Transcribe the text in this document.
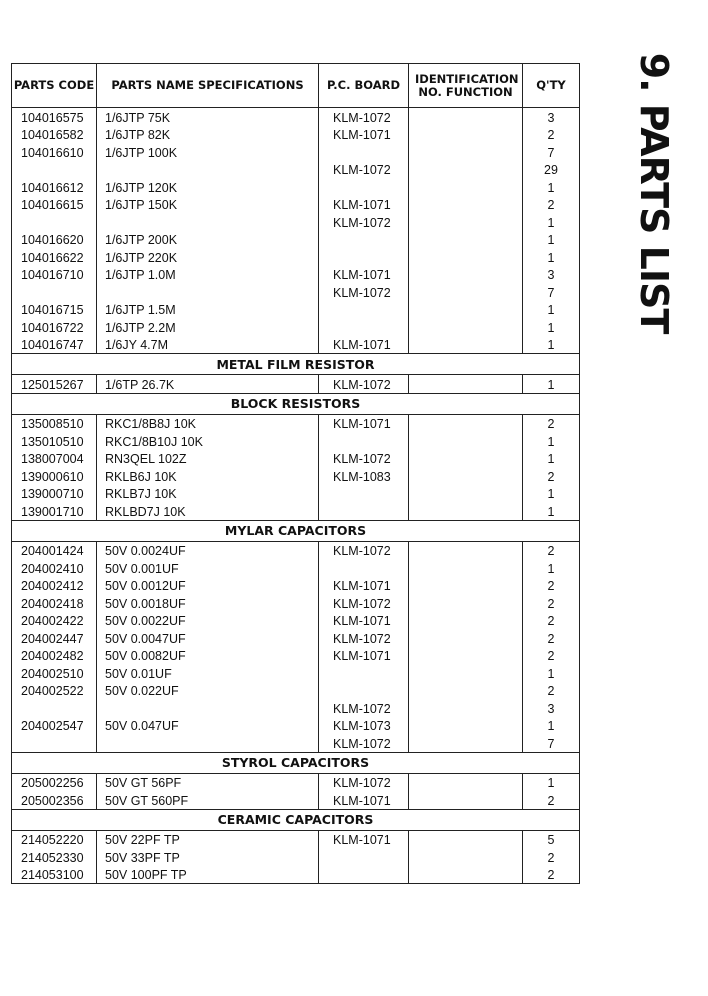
9. PARTS LIST
PARTS CODE	PARTS NAME SPECIFICATIONS	P.C. BOARD	IDENTIFICATION NO. FUNCTION	Q'TY
104016575	1/6JTP 75K	KLM-1072		3
104016582	1/6JTP 82K	KLM-1071		2
104016610	1/6JTP 100K			7
		KLM-1072		29
104016612	1/6JTP 120K			1
104016615	1/6JTP 150K	KLM-1071		2
		KLM-1072		1
104016620	1/6JTP 200K			1
104016622	1/6JTP 220K			1
104016710	1/6JTP 1.0M	KLM-1071		3
		KLM-1072		7
104016715	1/6JTP 1.5M			1
104016722	1/6JTP 2.2M			1
104016747	1/6JY 4.7M	KLM-1071		1
METAL FILM RESISTOR				
125015267	1/6TP 26.7K	KLM-1072		1
BLOCK RESISTORS				
135008510	RKC1/8B8J 10K	KLM-1071		2
135010510	RKC1/8B10J 10K			1
138007004	RN3QEL 102Z	KLM-1072		1
139000610	RKLB6J 10K	KLM-1083		2
139000710	RKLB7J 10K			1
139001710	RKLBD7J 10K			1
MYLAR CAPACITORS				
204001424	50V 0.0024UF	KLM-1072		2
204002410	50V 0.001UF			1
204002412	50V 0.0012UF	KLM-1071		2
204002418	50V 0.0018UF	KLM-1072		2
204002422	50V 0.0022UF	KLM-1071		2
204002447	50V 0.0047UF	KLM-1072		2
204002482	50V 0.0082UF	KLM-1071		2
204002510	50V 0.01UF			1
204002522	50V 0.022UF			2
		KLM-1072		3
204002547	50V 0.047UF	KLM-1073		1
		KLM-1072		7
STYROL CAPACITORS				
205002256	50V GT 56PF	KLM-1072		1
205002356	50V GT 560PF	KLM-1071		2
CERAMIC CAPACITORS				
214052220	50V 22PF TP	KLM-1071		5
214052330	50V 33PF TP			2
214053100	50V 100PF TP			2
